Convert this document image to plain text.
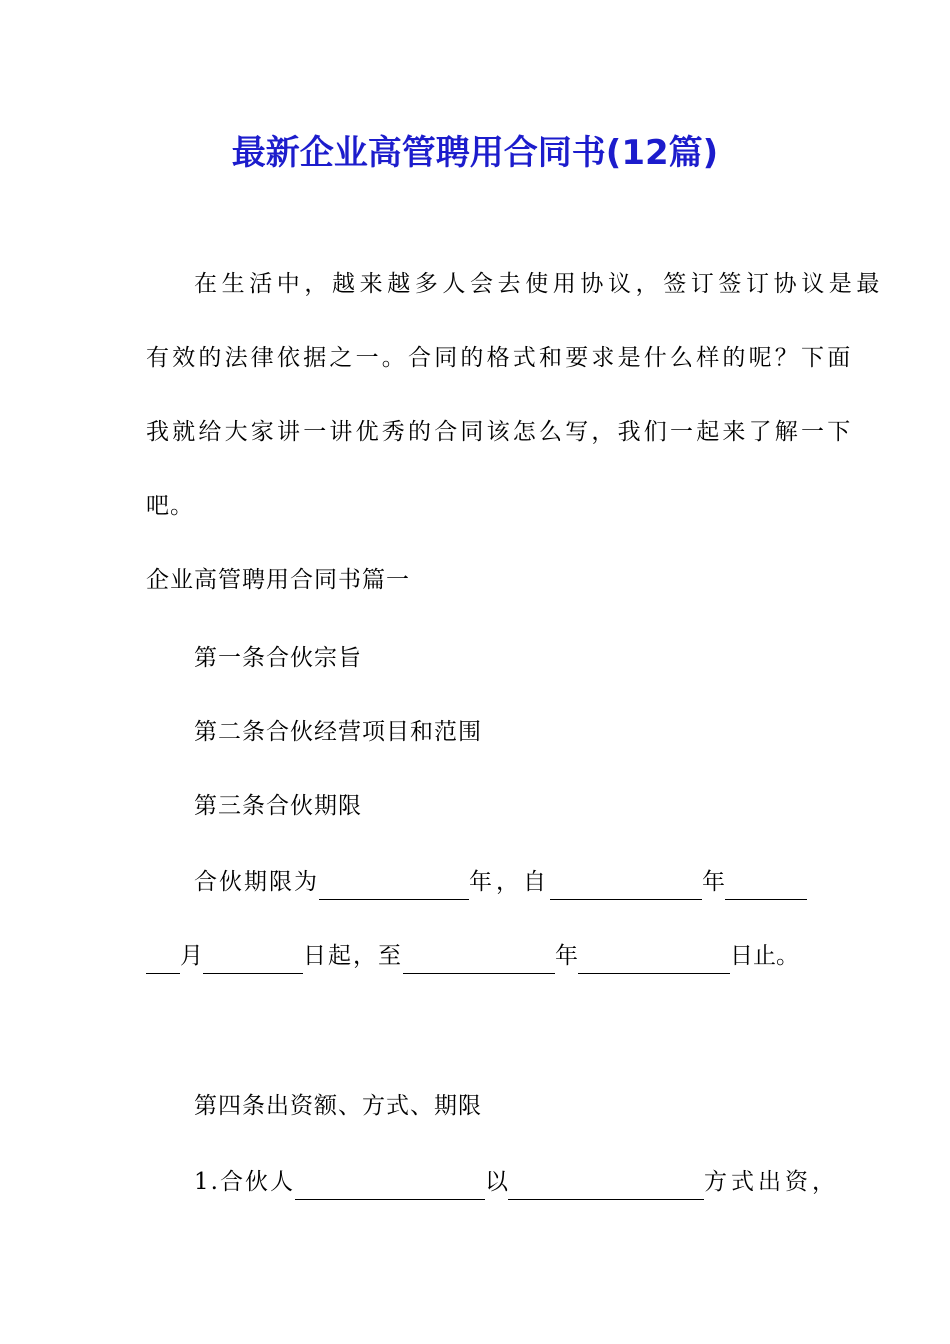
最新企业高管聘用合同书(12篇)
在生活中，越来越多人会去使用协议，签订签订协议是最
有效的法律依据之一。合同的格式和要求是什么样的呢？下面
我就给大家讲一讲优秀的合同该怎么写，我们一起来了解一下
吧。
企业高管聘用合同书篇一
第一条合伙宗旨
第二条合伙经营项目和范围
第三条合伙期限
合伙期限为	年，自	年
月	日起，至	年	日止。
第四条出资额、方式、期限
1.合伙人	以	方式出资，
